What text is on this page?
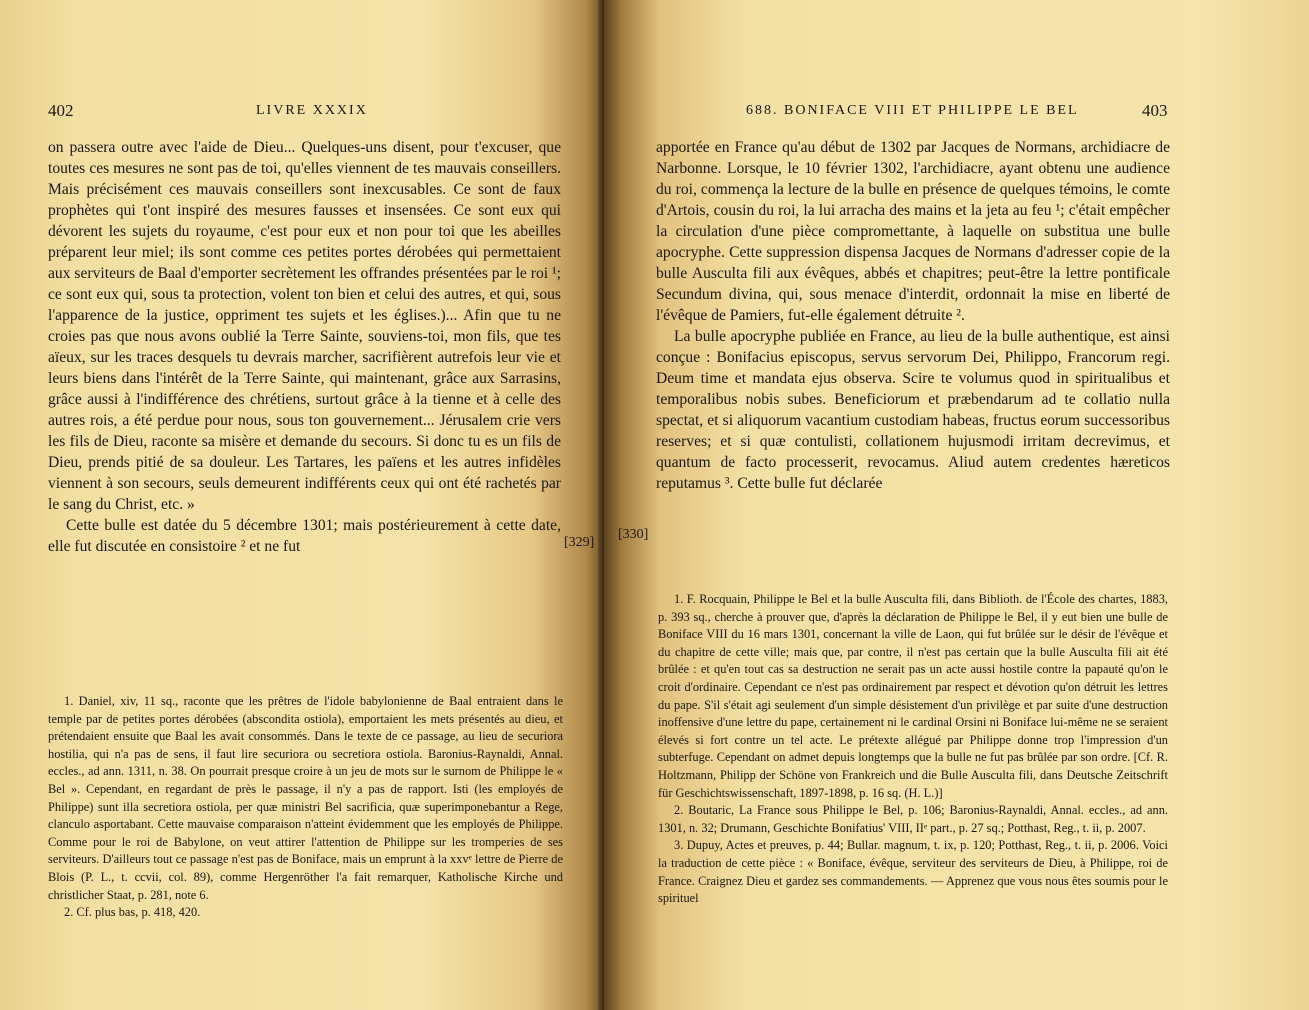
402	LIVRE XXXIX

on passera outre avec l'aide de Dieu... Quelques-uns disent, pour t'excuser, que toutes ces mesures ne sont pas de toi, qu'elles viennent de tes mauvais conseillers. Mais précisément ces mauvais conseillers sont inexcusables. Ce sont de faux prophètes qui t'ont inspiré des mesures fausses et insensées. Ce sont eux qui dévorent les sujets du royaume, c'est pour eux et non pour toi que les abeilles préparent leur miel; ils sont comme ces petites portes dérobées qui permettaient aux serviteurs de Baal d'emporter secrètement les offrandes présentées par le roi ¹; ce sont eux qui, sous ta protection, volent ton bien et celui des autres, et qui, sous l'apparence de la justice, oppriment tes sujets et les églises.)... Afin que tu ne croies pas que nous avons oublié la Terre Sainte, souviens-toi, mon fils, que tes aïeux, sur les traces desquels tu devrais marcher, sacrifièrent autrefois leur vie et leurs biens dans l'intérêt de la Terre Sainte, qui maintenant, grâce aux Sarrasins, grâce aussi à l'indifférence des chrétiens, surtout grâce à la tienne et à celle des autres rois, a été perdue pour nous, sous ton gouvernement... Jérusalem crie vers les fils de Dieu, raconte sa misère et demande du secours. Si donc tu es un fils de Dieu, prends pitié de sa douleur. Les Tartares, les païens et les autres infidèles viennent à son secours, seuls demeurent indifférents ceux qui ont été rachetés par le sang du Christ, etc. »

Cette bulle est datée du 5 décembre 1301; mais postérieurement à cette date, elle fut discutée en consistoire ² et ne fut

1. Daniel, xiv, 11 sq., raconte que les prêtres de l'idole babylonienne de Baal entraient dans le temple par de petites portes dérobées (abscondita ostiola), emportaient les mets présentés au dieu, et prétendaient ensuite que Baal les avait consommés. Dans le texte de ce passage, au lieu de securiora hostilia, qui n'a pas de sens, il faut lire securiora ou secretiora ostiola. Baronius-Raynaldi, Annal. eccles., ad ann. 1311, n. 38. On pourrait presque croire à un jeu de mots sur le surnom de Philippe le « Bel ». Cependant, en regardant de près le passage, il n'y a pas de rapport. Isti (les employés de Philippe) sunt illa secretiora ostiola, per quæ ministri Bel sacrificia, quæ superimponebantur a Rege, clanculo asportabant. Cette mauvaise comparaison n'atteint évidemment que les employés de Philippe. Comme pour le roi de Babylone, on veut attirer l'attention de Philippe sur les tromperies de ses serviteurs. D'ailleurs tout ce passage n'est pas de Boniface, mais un emprunt à la xxvᵉ lettre de Pierre de Blois (P. L., t. ccvii, col. 89), comme Hergenröther l'a fait remarquer, Katholische Kirche und christlicher Staat, p. 281, note 6.

2. Cf. plus bas, p. 418, 420.

[329]
688. BONIFACE VIII ET PHILIPPE LE BEL	403
[330]

apportée en France qu'au début de 1302 par Jacques de Normans, archidiacre de Narbonne. Lorsque, le 10 février 1302, l'archidiacre, ayant obtenu une audience du roi, commença la lecture de la bulle en présence de quelques témoins, le comte d'Artois, cousin du roi, la lui arracha des mains et la jeta au feu ¹; c'était empêcher la circulation d'une pièce compromettante, à laquelle on substitua une bulle apocryphe. Cette suppression dispensa Jacques de Normans d'adresser copie de la bulle Ausculta fili aux évêques, abbés et chapitres; peut-être la lettre pontificale Secundum divina, qui, sous menace d'interdit, ordonnait la mise en liberté de l'évêque de Pamiers, fut-elle également détruite ².

La bulle apocryphe publiée en France, au lieu de la bulle authentique, est ainsi conçue : Bonifacius episcopus, servus servorum Dei, Philippo, Francorum regi. Deum time et mandata ejus observa. Scire te volumus quod in spiritualibus et temporalibus nobis subes. Beneficiorum et præbendarum ad te collatio nulla spectat, et si aliquorum vacantium custodiam habeas, fructus eorum successoribus reserves; et si quæ contulisti, collationem hujusmodi irritam decrevimus, et quantum de facto processerit, revocamus. Aliud autem credentes hæreticos reputamus ³. Cette bulle fut déclarée

1. F. Rocquain, Philippe le Bel et la bulle Ausculta fili, dans Biblioth. de l'École des chartes, 1883, p. 393 sq., cherche à prouver que, d'après la déclaration de Philippe le Bel, il y eut bien une bulle de Boniface VIII du 16 mars 1301, concernant la ville de Laon, qui fut brûlée sur le désir de l'évêque et du chapitre de cette ville; mais que, par contre, il n'est pas certain que la bulle Ausculta fili ait été brûlée : et qu'en tout cas sa destruction ne serait pas un acte aussi hostile contre la papauté qu'on le croit d'ordinaire. Cependant ce n'est pas ordinairement par respect et dévotion qu'on détruit les lettres du pape. S'il s'était agi seulement d'un simple désistement d'un privilège et par suite d'une destruction inoffensive d'une lettre du pape, certainement ni le cardinal Orsini ni Boniface lui-même ne se seraient élevés si fort contre un tel acte. Le prétexte allégué par Philippe donne trop l'impression d'un subterfuge. Cependant on admet depuis longtemps que la bulle ne fut pas brûlée par son ordre. [Cf. R. Holtzmann, Philipp der Schöne von Frankreich und die Bulle Ausculta fili, dans Deutsche Zeitschrift für Geschichtswissenschaft, 1897-1898, p. 16 sq. (H. L.)]

2. Boutaric, La France sous Philippe le Bel, p. 106; Baronius-Raynaldi, Annal. eccles., ad ann. 1301, n. 32; Drumann, Geschichte Bonifatius' VIII, IIᵉ part., p. 27 sq.; Potthast, Reg., t. ii, p. 2007.

3. Dupuy, Actes et preuves, p. 44; Bullar. magnum, t. ix, p. 120; Potthast, Reg., t. ii, p. 2006. Voici la traduction de cette pièce : « Boniface, évêque, serviteur des serviteurs de Dieu, à Philippe, roi de France. Craignez Dieu et gardez ses commandements. — Apprenez que vous nous êtes soumis pour le spirituel
